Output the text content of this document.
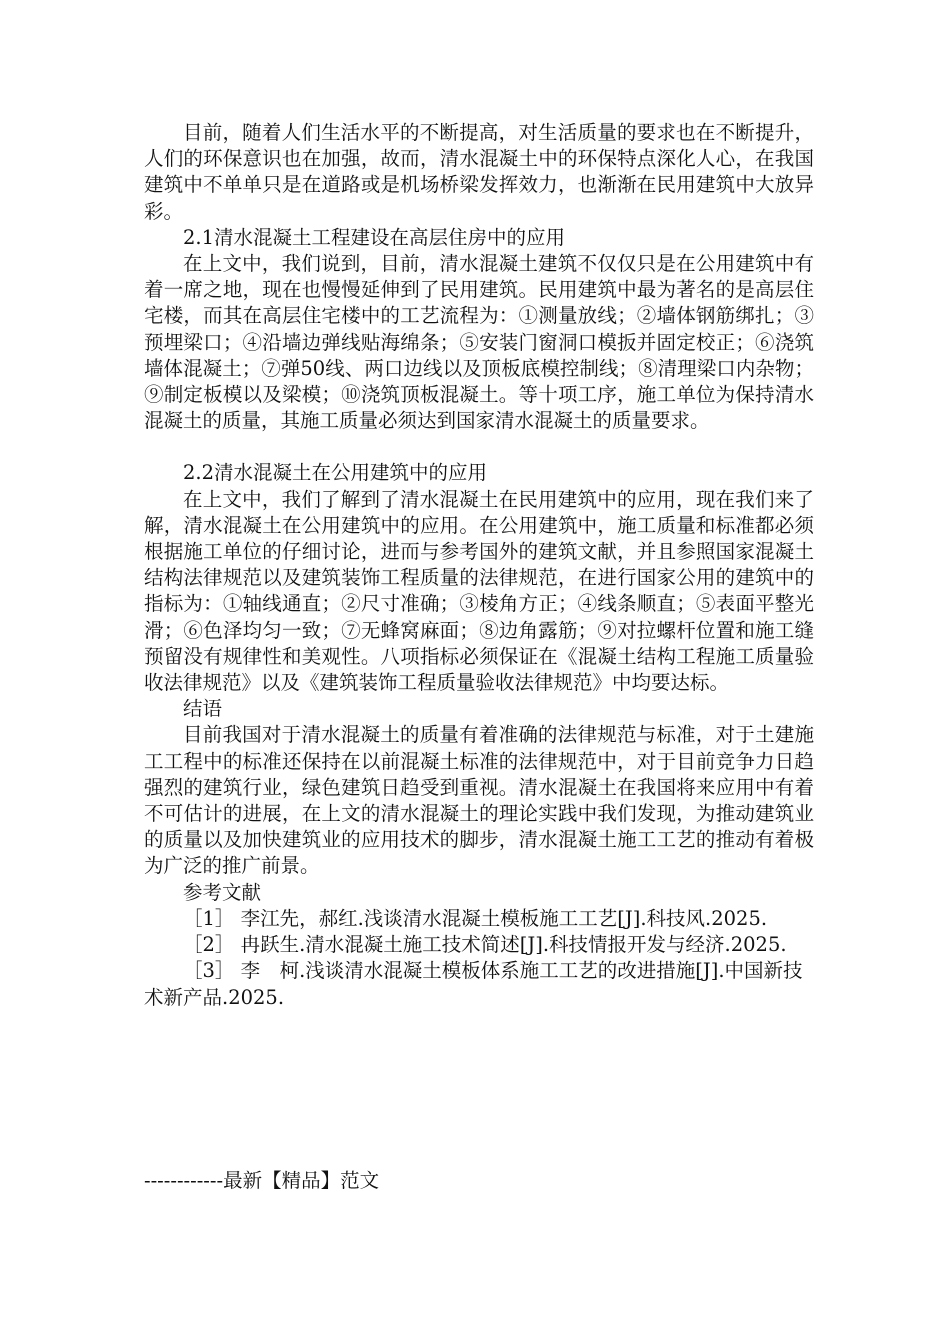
目前，随着人们生活水平的不断提高，对生活质量的要求也在不断提升，人们的环保意识也在加强，故而，清水混凝土中的环保特点深化人心，在我国建筑中不单单只是在道路或是机场桥梁发挥效力，也渐渐在民用建筑中大放异彩。

2.1清水混凝土工程建设在高层住房中的应用

在上文中，我们说到，目前，清水混凝土建筑不仅仅只是在公用建筑中有着一席之地，现在也慢慢延伸到了民用建筑。民用建筑中最为著名的是高层住宅楼，而其在高层住宅楼中的工艺流程为：①测量放线；②墙体钢筋绑扎；③预埋梁口；④沿墙边弹线贴海绵条；⑤安装门窗洞口模扳并固定校正；⑥浇筑墙体混凝土；⑦弹50线、两口边线以及顶板底模控制线；⑧清理梁口内杂物；⑨制定板模以及梁模；⑩浇筑顶板混凝土。等十项工序，施工单位为保持清水混凝土的质量，其施工质量必须达到国家清水混凝土的质量要求。

2.2清水混凝土在公用建筑中的应用

在上文中，我们了解到了清水混凝土在民用建筑中的应用，现在我们来了解，清水混凝土在公用建筑中的应用。在公用建筑中，施工质量和标准都必须根据施工单位的仔细讨论，进而与参考国外的建筑文献，并且参照国家混凝土结构法律规范以及建筑装饰工程质量的法律规范，在进行国家公用的建筑中的指标为：①轴线通直；②尺寸准确；③棱角方正；④线条顺直；⑤表面平整光滑；⑥色泽均匀一致；⑦无蜂窝麻面；⑧边角露筋；⑨对拉螺杆位置和施工缝预留没有规律性和美观性。八项指标必须保证在《混凝土结构工程施工质量验收法律规范》以及《建筑装饰工程质量验收法律规范》中均要达标。

结语

目前我国对于清水混凝土的质量有着准确的法律规范与标准，对于土建施工工程中的标准还保持在以前混凝土标准的法律规范中，对于目前竞争力日趋强烈的建筑行业，绿色建筑日趋受到重视。清水混凝土在我国将来应用中有着不可估计的进展，在上文的清水混凝土的理论实践中我们发现，为推动建筑业的质量以及加快建筑业的应用技术的脚步，清水混凝土施工工艺的推动有着极为广泛的推广前景。

参考文献

［1］ 李江先，郝红.浅谈清水混凝土模板施工工艺[J].科技风.2025.

［2］ 冉跃生.清水混凝土施工技术简述[J].科技情报开发与经济.2025.

［3］ 李　柯.浅谈清水混凝土模板体系施工工艺的改进措施[J].中国新技术新产品.2025.

------------最新【精品】范文
